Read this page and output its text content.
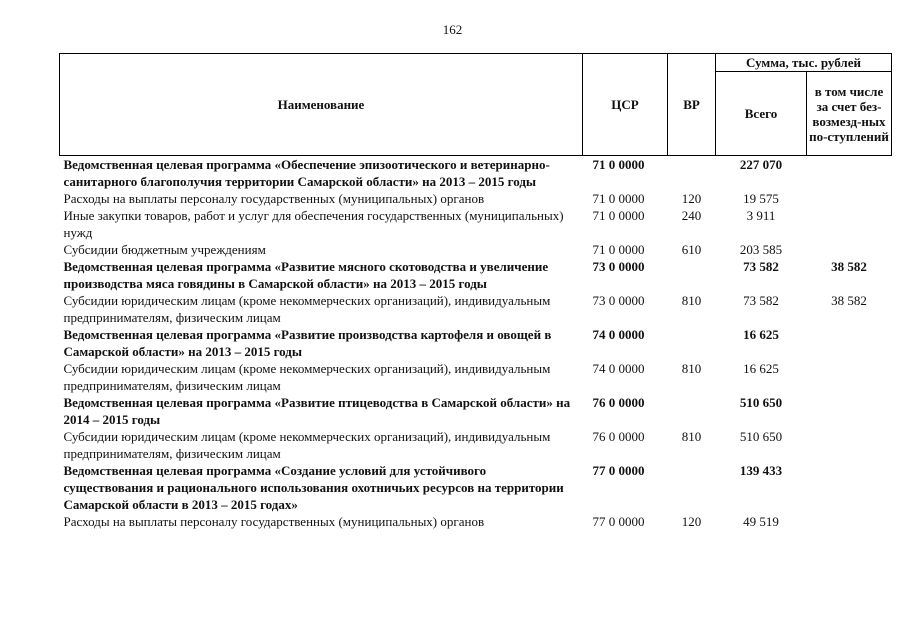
162
Наименование	ЦСР	ВР	Сумма, тыс. рублей	
			Всего	в том числе за счет без-возмезд-ных по-ступлений
Ведомственная целевая программа «Обеспечение эпизоотического и ветеринарно-санитарного благополучия территории Самарской области» на 2013 – 2015 годы	71 0 0000		227 070	
Расходы на выплаты персоналу государственных (муниципальных) органов	71 0 0000	120	19 575	
Иные закупки товаров, работ и услуг для обеспечения государственных (муниципальных) нужд	71 0 0000	240	3 911	
Субсидии бюджетным учреждениям	71 0 0000	610	203 585	
Ведомственная целевая программа «Развитие мясного скотоводства и увеличение производства мяса говядины в Самарской области» на 2013 – 2015 годы	73 0 0000		73 582	38 582
Субсидии юридическим лицам (кроме некоммерческих организаций), индивидуальным предпринимателям, физическим лицам	73 0 0000	810	73 582	38 582
Ведомственная целевая программа «Развитие производства картофеля и овощей в Самарской области» на 2013 – 2015 годы	74 0 0000		16 625	
Субсидии юридическим лицам (кроме некоммерческих организаций), индивидуальным предпринимателям, физическим лицам	74 0 0000	810	16 625	
Ведомственная целевая программа «Развитие птицеводства в Самарской области» на 2014 – 2015 годы	76 0 0000		510 650	
Субсидии юридическим лицам (кроме некоммерческих организаций), индивидуальным предпринимателям, физическим лицам	76 0 0000	810	510 650	
Ведомственная целевая программа «Создание условий для устойчивого существования и рационального использования охотничьих ресурсов на территории Самарской области в 2013 – 2015 годах»	77 0 0000		139 433	
Расходы на выплаты персоналу государственных (муниципальных) органов	77 0 0000	120	49 519	
